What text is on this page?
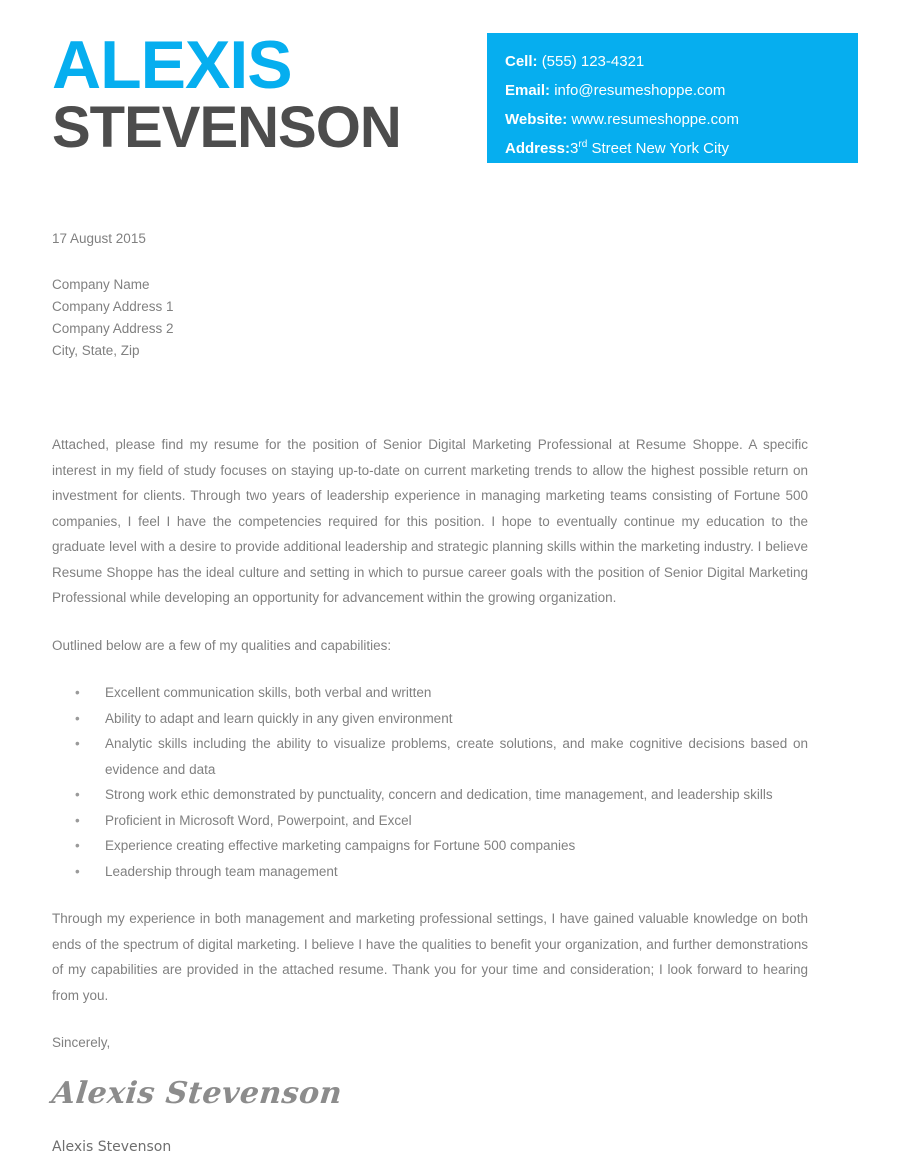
ALEXIS
STEVENSON
Cell: (555) 123-4321
Email: info@resumeshoppe.com
Website: www.resumeshoppe.com
Address:3rd Street New York City
17 August 2015
Company Name
Company Address 1
Company Address 2
City, State, Zip

Attached, please find my resume for the position of Senior Digital Marketing Professional at Resume Shoppe. A specific interest in my field of study focuses on staying up-to-date on current marketing trends to allow the highest possible return on investment for clients. Through two years of leadership experience in managing marketing teams consisting of Fortune 500 companies, I feel I have the competencies required for this position. I hope to eventually continue my education to the graduate level with a desire to provide additional leadership and strategic planning skills within the marketing industry. I believe Resume Shoppe has the ideal culture and setting in which to pursue career goals with the position of Senior Digital Marketing Professional while developing an opportunity for advancement within the growing organization.

Outlined below are a few of my qualities and capabilities:

• Excellent communication skills, both verbal and written
• Ability to adapt and learn quickly in any given environment
• Analytic skills including the ability to visualize problems, create solutions, and make cognitive decisions based on evidence and data
• Strong work ethic demonstrated by punctuality, concern and dedication, time management, and leadership skills
• Proficient in Microsoft Word, Powerpoint, and Excel
• Experience creating effective marketing campaigns for Fortune 500 companies
• Leadership through team management

Through my experience in both management and marketing professional settings, I have gained valuable knowledge on both ends of the spectrum of digital marketing. I believe I have the qualities to benefit your organization, and further demonstrations of my capabilities are provided in the attached resume. Thank you for your time and consideration; I look forward to hearing from you.

Sincerely,

Alexis Stevenson

Alexis Stevenson
